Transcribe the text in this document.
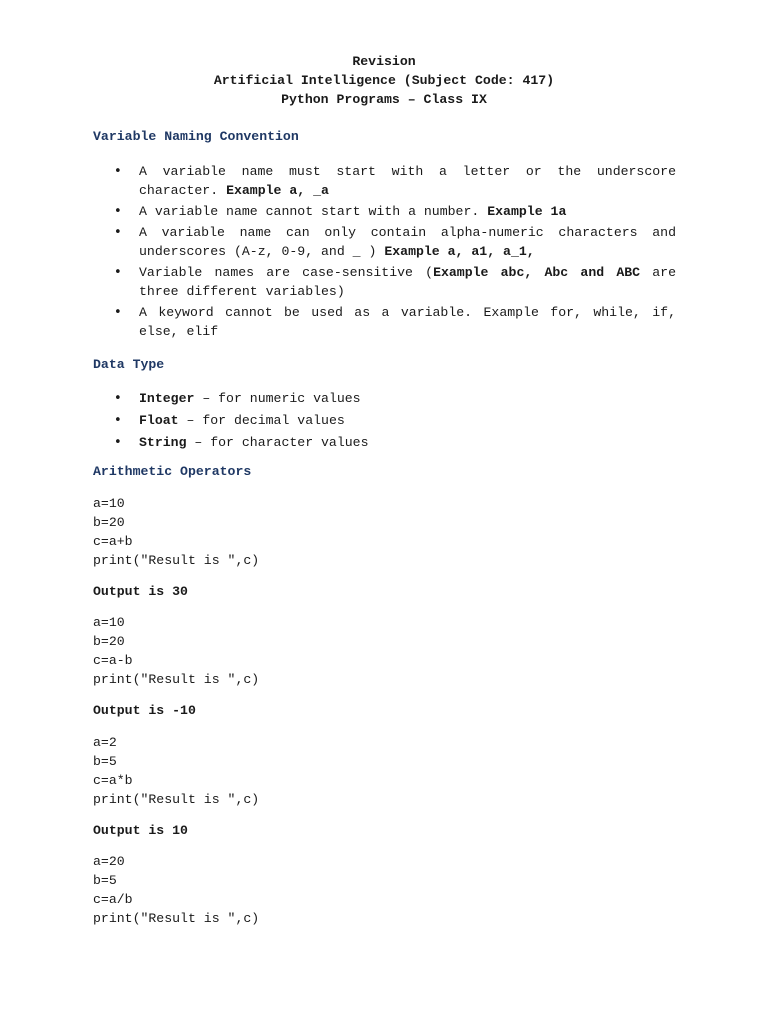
Revision
Artificial Intelligence (Subject Code: 417)
Python Programs – Class IX
Variable Naming Convention
• A variable name must start with a letter or the underscore character. Example a, _a
• A variable name cannot start with a number. Example 1a
• A variable name can only contain alpha-numeric characters and underscores (A-z, 0-9, and _ ) Example a, a1, a_1,
• Variable names are case-sensitive (Example abc, Abc and ABC are three different variables)
• A keyword cannot be used as a variable. Example for, while, if, else, elif
Data Type
• Integer – for numeric values
• Float – for decimal values
• String – for character values
Arithmetic Operators
a=10
b=20
c=a+b
print("Result is ",c)
Output is 30
a=10
b=20
c=a-b
print("Result is ",c)
Output is -10
a=2
b=5
c=a*b
print("Result is ",c)
Output is 10
a=20
b=5
c=a/b
print("Result is ",c)
